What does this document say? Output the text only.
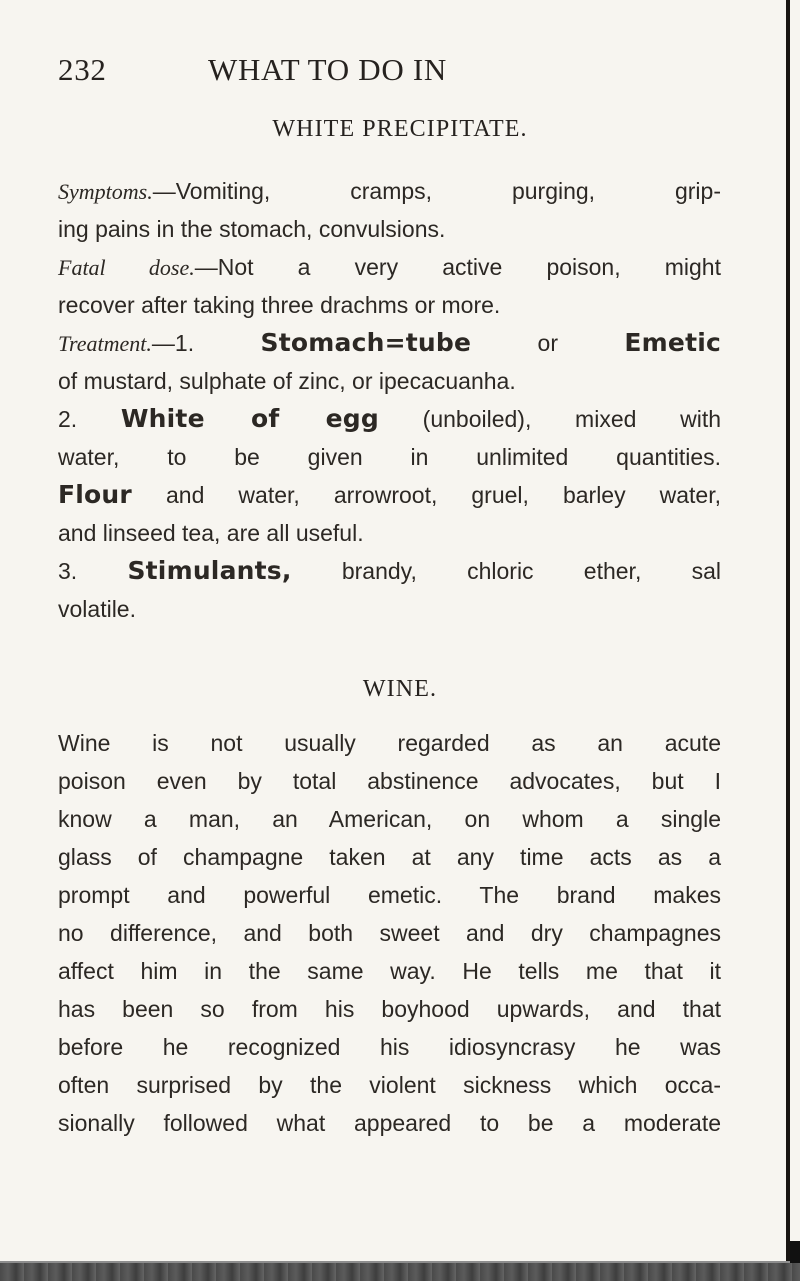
232	WHAT TO DO IN
WHITE PRECIPITATE.
Symptoms.—Vomiting, cramps, purging, grip-
ing pains in the stomach, convulsions.
Fatal dose.—Not a very active poison, might
recover after taking three drachms or more.
Treatment.—1.	Stomach=tube	or	Emetic
of mustard, sulphate of zinc, or ipecacuanha.
2. White of egg (unboiled), mixed with
water, to be given in unlimited quantities.
Flour and water, arrowroot, gruel, barley water,
and linseed tea, are all useful.
3. Stimulants, brandy, chloric ether, sal
volatile.
WINE.
Wine is not usually regarded as an acute
poison even by total abstinence advocates, but I
know a man, an American, on whom a single
glass of champagne taken at any time acts as a
prompt and powerful emetic. The brand makes
no difference, and both sweet and dry champagnes
affect him in the same way. He tells me that it
has been so from his boyhood upwards, and that
before he recognized his idiosyncrasy he was
often surprised by the violent sickness which occa-
sionally followed what appeared to be a moderate
